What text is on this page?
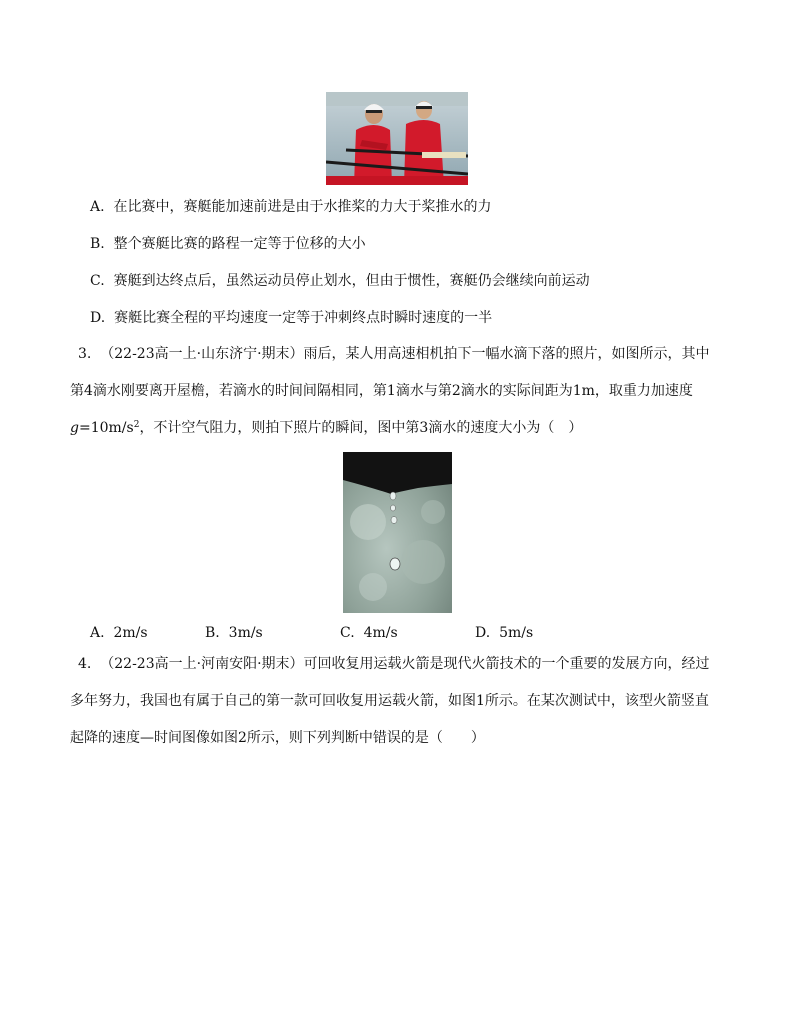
A. 在比赛中，赛艇能加速前进是由于水推桨的力大于桨推水的力
B. 整个赛艇比赛的路程一定等于位移的大小
C. 赛艇到达终点后，虽然运动员停止划水，但由于惯性，赛艇仍会继续向前运动
D. 赛艇比赛全程的平均速度一定等于冲刺终点时瞬时速度的一半
3. （22-23高一上·山东济宁·期末）雨后，某人用高速相机拍下一幅水滴下落的照片，如图所示，其中
第4滴水刚要离开屋檐，若滴水的时间间隔相同，第1滴水与第2滴水的实际间距为1m，取重力加速度
$g=10m/s^2$，不计空气阻力，则拍下照片的瞬间，图中第3滴水的速度大小为（　）
A. 2m/s	B. 3m/s	C. 4m/s	D. 5m/s
4. （22-23高一上·河南安阳·期末）可回收复用运载火箭是现代火箭技术的一个重要的发展方向，经过
多年努力，我国也有属于自己的第一款可回收复用运载火箭，如图1所示。在某次测试中，该型火箭竖直
起降的速度—时间图像如图2所示，则下列判断中错误的是（　　）
